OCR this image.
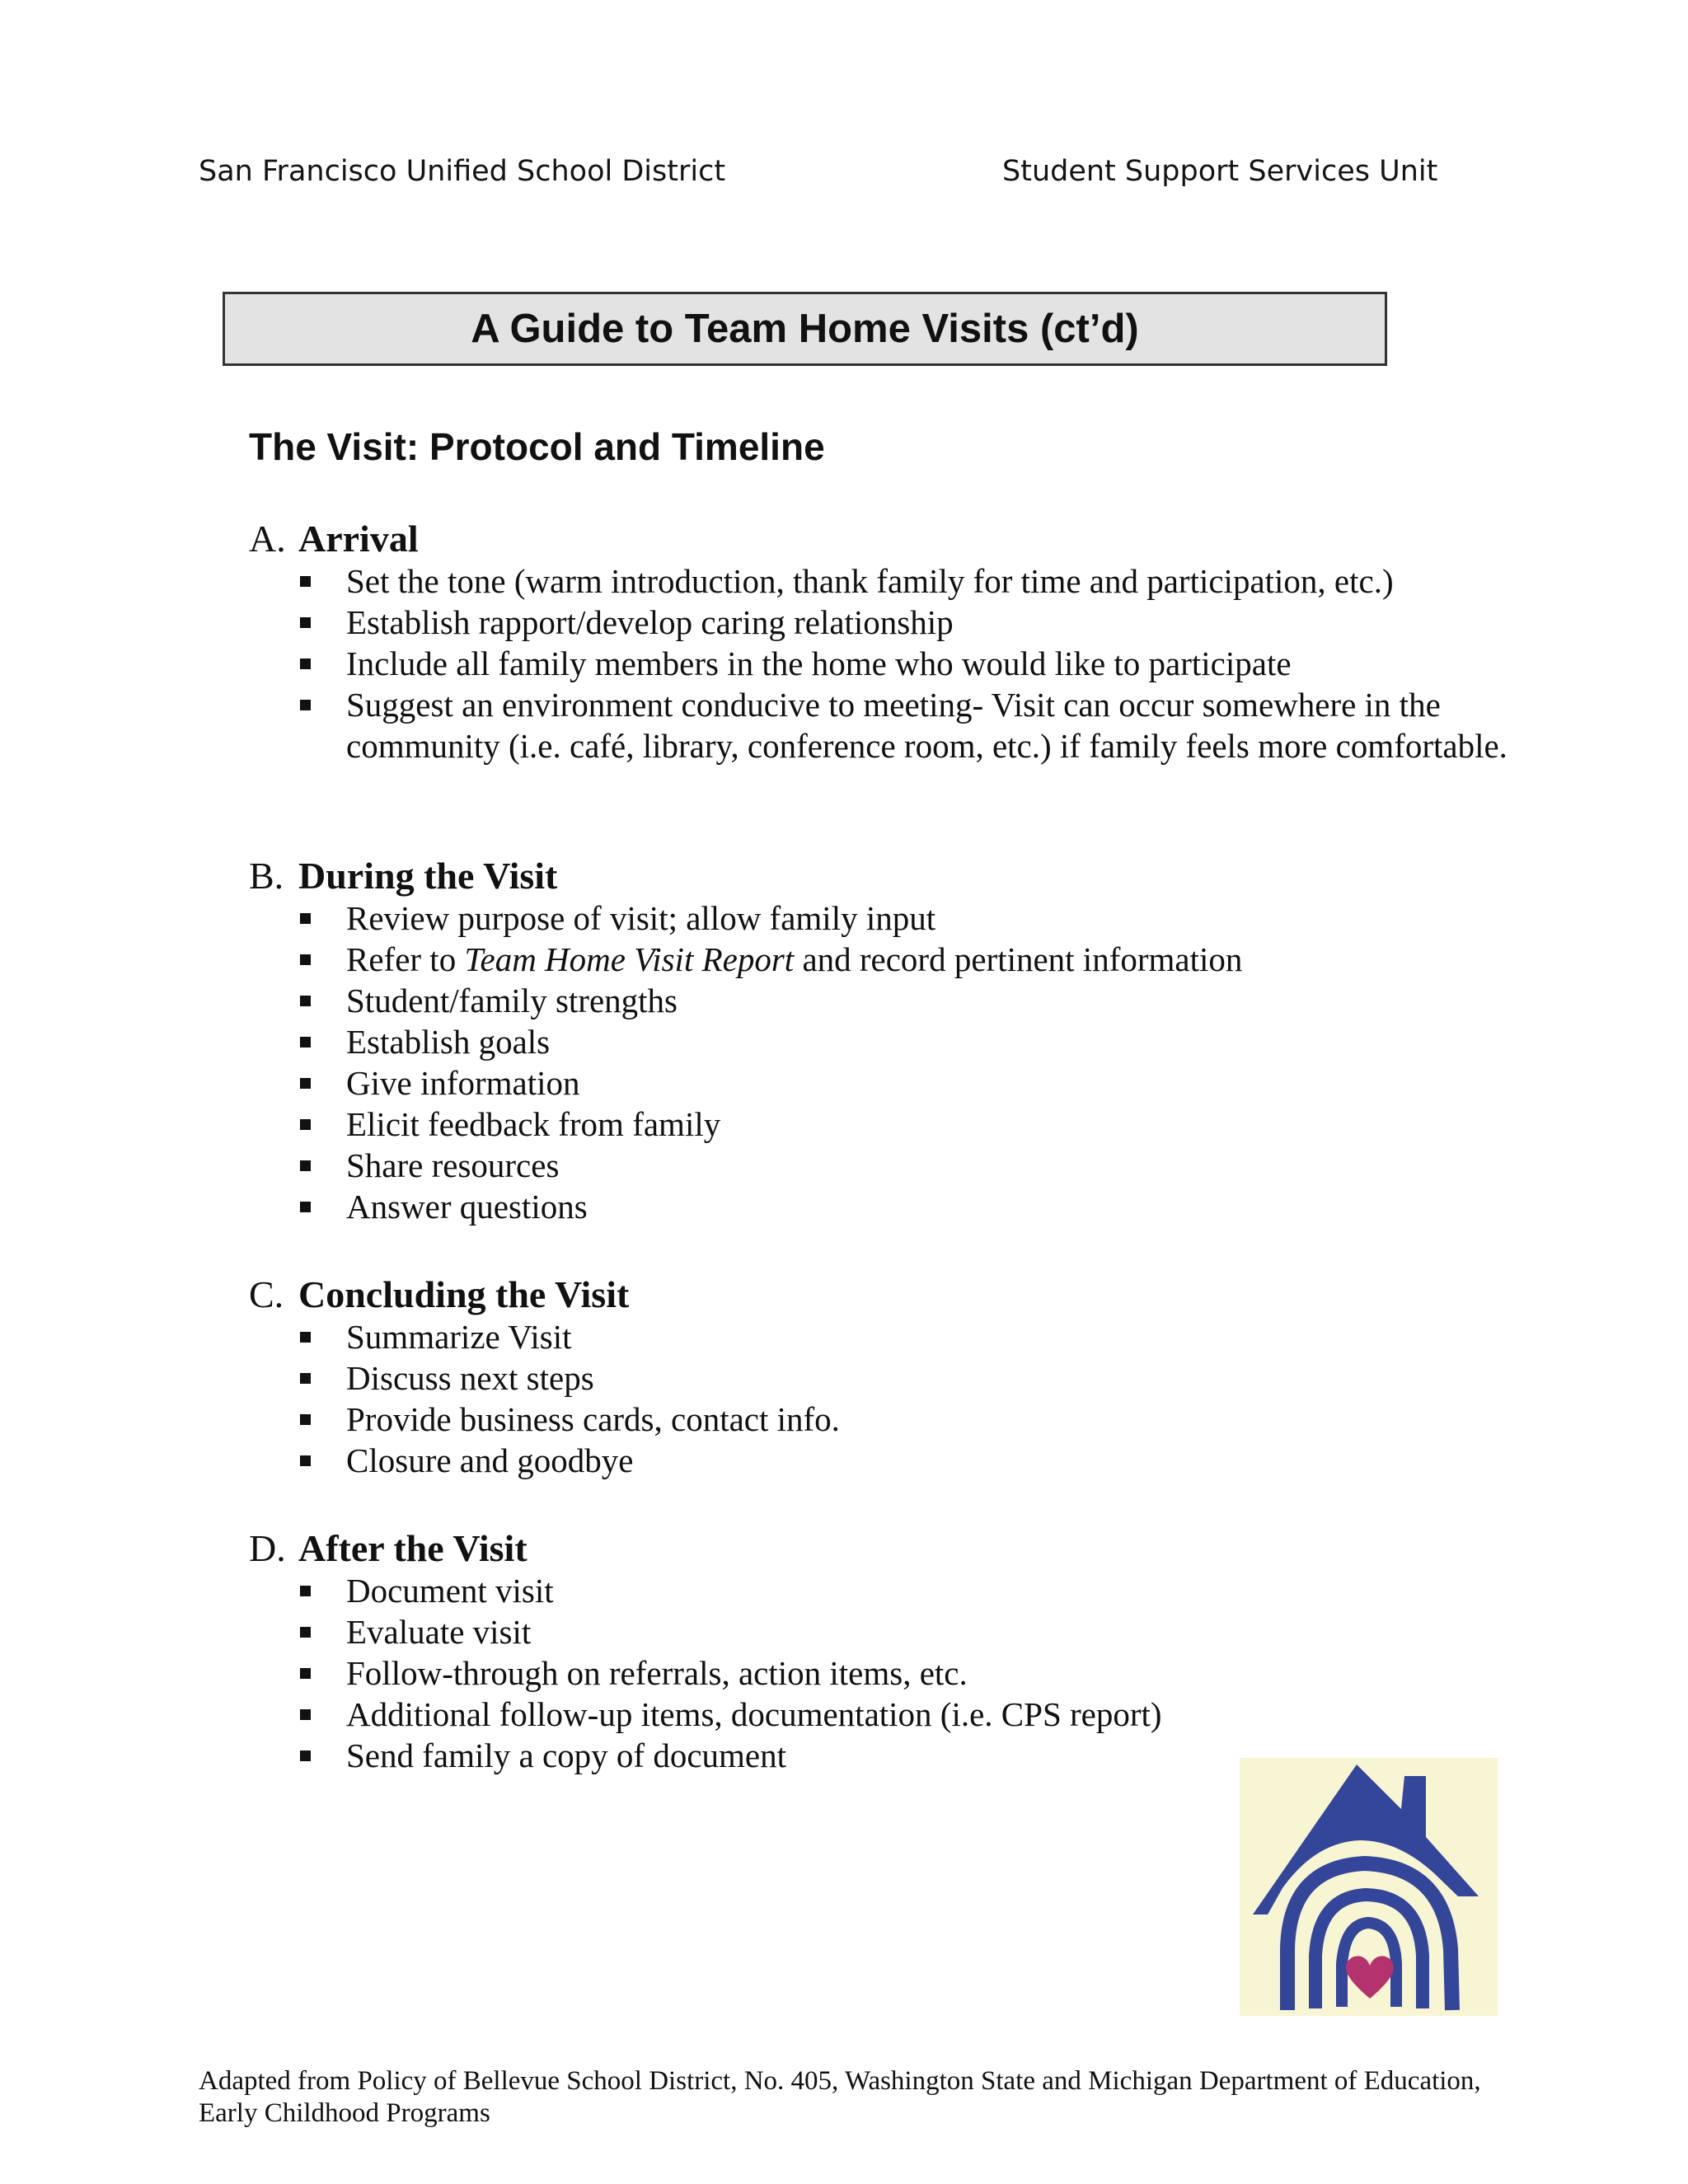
San Francisco Unified School District	Student Support Services Unit
A Guide to Team Home Visits (ct’d)
The Visit: Protocol and Timeline
A. Arrival
Set the tone (warm introduction, thank family for time and participation, etc.)
Establish rapport/develop caring relationship
Include all family members in the home who would like to participate
Suggest an environment conducive to meeting- Visit can occur somewhere in the community (i.e. café, library, conference room, etc.) if family feels more comfortable.
B. During the Visit
Review purpose of visit; allow family input
Refer to Team Home Visit Report and record pertinent information
Student/family strengths
Establish goals
Give information
Elicit feedback from family
Share resources
Answer questions
C. Concluding the Visit
Summarize Visit
Discuss next steps
Provide business cards, contact info.
Closure and goodbye
D. After the Visit
Document visit
Evaluate visit
Follow-through on referrals, action items, etc.
Additional follow-up items, documentation (i.e. CPS report)
Send family a copy of document
Adapted from Policy of Bellevue School District, No. 405, Washington State and Michigan Department of Education,
Early Childhood Programs
